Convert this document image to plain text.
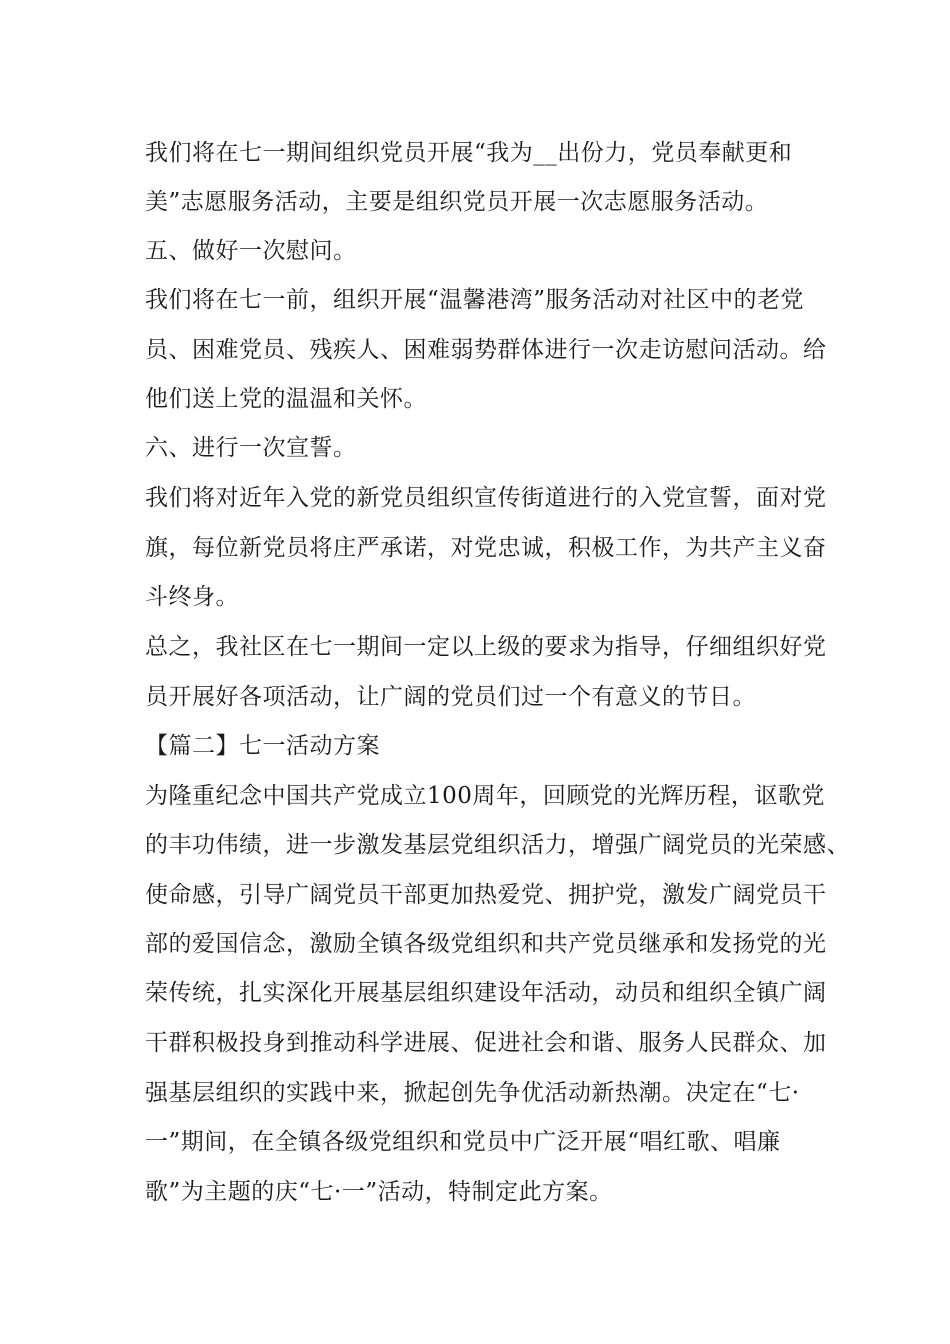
我们将在七一期间组织党员开展“我为__出份力，党员奉献更和
美”志愿服务活动，主要是组织党员开展一次志愿服务活动。
五、做好一次慰问。
我们将在七一前，组织开展“温馨港湾”服务活动对社区中的老党
员、困难党员、残疾人、困难弱势群体进行一次走访慰问活动。给
他们送上党的温温和关怀。
六、进行一次宣誓。
我们将对近年入党的新党员组织宣传街道进行的入党宣誓，面对党
旗，每位新党员将庄严承诺，对党忠诚，积极工作，为共产主义奋
斗终身。
总之，我社区在七一期间一定以上级的要求为指导，仔细组织好党
员开展好各项活动，让广阔的党员们过一个有意义的节日。
【篇二】七一活动方案
为隆重纪念中国共产党成立100周年，回顾党的光辉历程，讴歌党
的丰功伟绩，进一步激发基层党组织活力，增强广阔党员的光荣感、
使命感，引导广阔党员干部更加热爱党、拥护党，激发广阔党员干
部的爱国信念，激励全镇各级党组织和共产党员继承和发扬党的光
荣传统，扎实深化开展基层组织建设年活动，动员和组织全镇广阔
干群积极投身到推动科学进展、促进社会和谐、服务人民群众、加
强基层组织的实践中来，掀起创先争优活动新热潮。决定在“七·
一”期间，在全镇各级党组织和党员中广泛开展“唱红歌、唱廉
歌”为主题的庆“七·一”活动，特制定此方案。
